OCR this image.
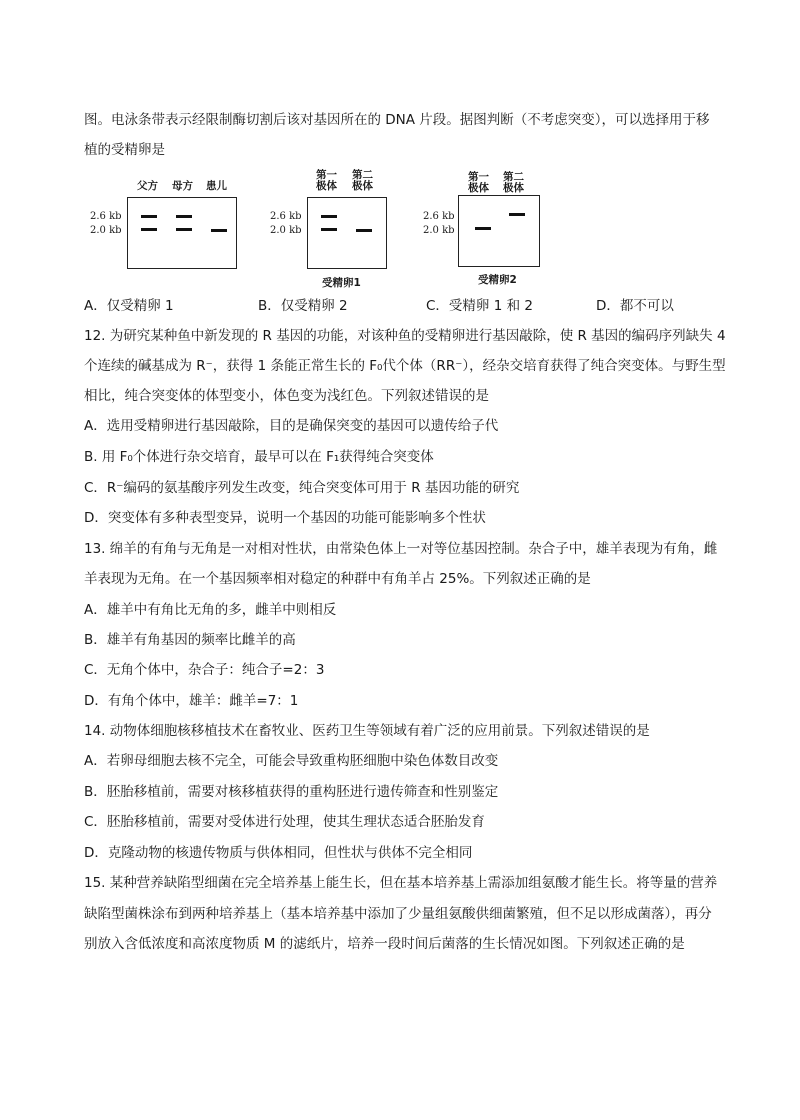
图。电泳条带表示经限制酶切割后该对基因所在的 DNA 片段。据图判断（不考虑突变），可以选择用于移
植的受精卵是
父方 母方 患儿
2.6 kb
2.0 kb
第一
极体
第二
极体
2.6 kb
2.0 kb
受精卵1
第一
极体
第二
极体
2.6 kb
2.0 kb
受精卵2
A．仅受精卵 1	B．仅受精卵 2	C．受精卵 1 和 2	D．都不可以
12. 为研究某种鱼中新发现的 R 基因的功能，对该种鱼的受精卵进行基因敲除，使 R 基因的编码序列缺失 4
个连续的碱基成为 R⁻，获得 1 条能正常生长的 F₀代个体（RR⁻），经杂交培育获得了纯合突变体。与野生型
相比，纯合突变体的体型变小，体色变为浅红色。下列叙述错误的是
A．选用受精卵进行基因敲除，目的是确保突变的基因可以遗传给子代
B. 用 F₀个体进行杂交培育，最早可以在 F₁获得纯合突变体
C．R⁻编码的氨基酸序列发生改变，纯合突变体可用于 R 基因功能的研究
D．突变体有多种表型变异，说明一个基因的功能可能影响多个性状
13. 绵羊的有角与无角是一对相对性状，由常染色体上一对等位基因控制。杂合子中，雄羊表现为有角，雌
羊表现为无角。在一个基因频率相对稳定的种群中有角羊占 25%。下列叙述正确的是
A．雄羊中有角比无角的多，雌羊中则相反
B．雄羊有角基因的频率比雌羊的高
C．无角个体中，杂合子：纯合子=2：3
D．有角个体中，雄羊：雌羊=7：1
14. 动物体细胞核移植技术在畜牧业、医药卫生等领域有着广泛的应用前景。下列叙述错误的是
A．若卵母细胞去核不完全，可能会导致重构胚细胞中染色体数目改变
B．胚胎移植前，需要对核移植获得的重构胚进行遗传筛查和性别鉴定
C．胚胎移植前，需要对受体进行处理，使其生理状态适合胚胎发育
D．克隆动物的核遗传物质与供体相同，但性状与供体不完全相同
15. 某种营养缺陷型细菌在完全培养基上能生长，但在基本培养基上需添加组氨酸才能生长。将等量的营养
缺陷型菌株涂布到两种培养基上（基本培养基中添加了少量组氨酸供细菌繁殖，但不足以形成菌落），再分
别放入含低浓度和高浓度物质 M 的滤纸片，培养一段时间后菌落的生长情况如图。下列叙述正确的是
